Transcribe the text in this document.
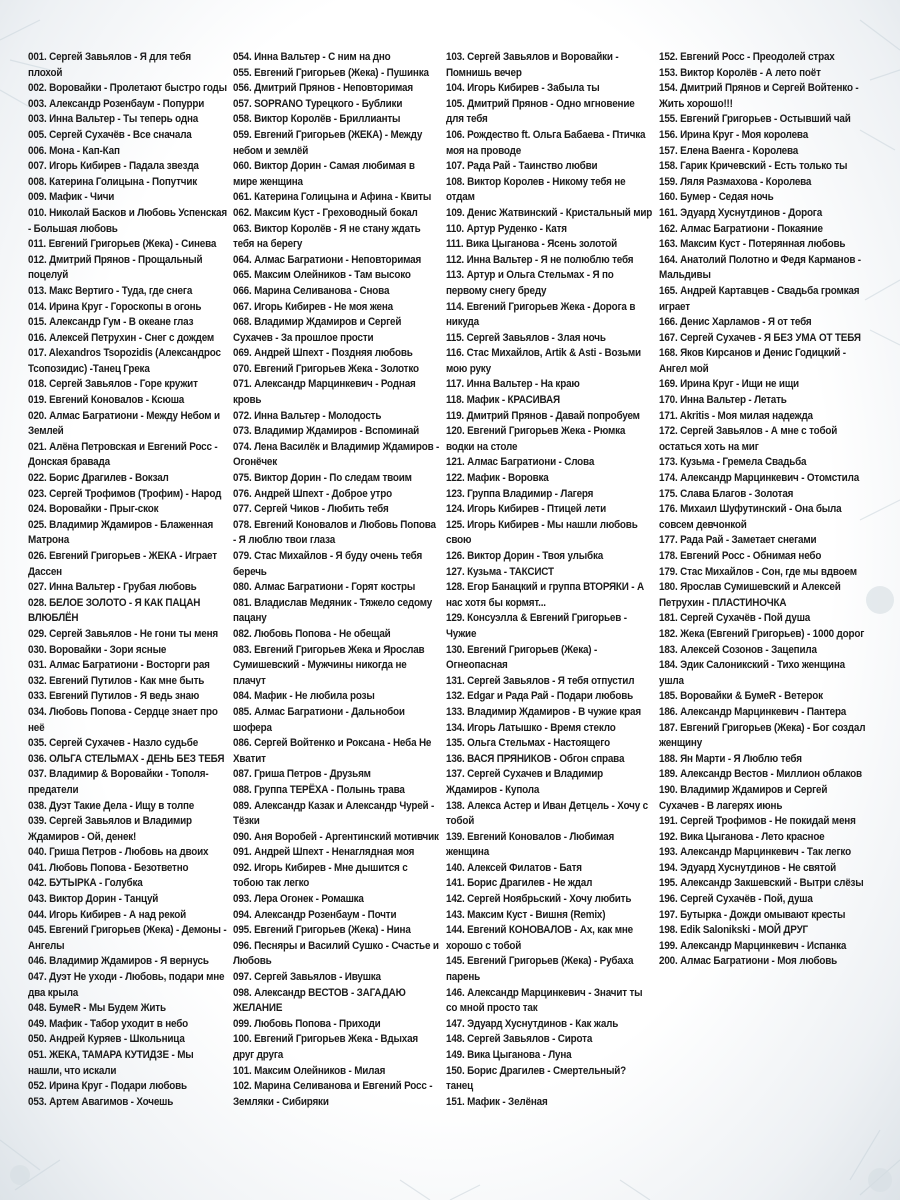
001. Сергей Завьялов - Я для тебя плохой
002. Воровайки - Пролетают быстро годы
003. Александр Розенбаум - Попурри
003. Инна Вальтер - Ты теперь одна
005. Сергей Сухачёв - Все сначала
006. Мона - Кап-Кап
007. Игорь Кибирев - Падала звезда
008. Катерина Голицына - Попутчик
009. Мафик - Чичи
010. Николай Басков и Любовь Успенская - Большая любовь
011. Евгений Григорьев (Жека) - Синева
012. Дмитрий Прянов - Прощальный поцелуй
013. Макс Вертиго - Туда, где снега
014. Ирина Круг - Гороскопы в огонь
015. Александр Гум - В океане глаз
016. Алексей Петрухин - Снег с дождем
017. Alexandros Tsopozidis (Александрос Тсопозидис) -Танец Грека
018. Сергей Завьялов - Горе кружит
019. Евгений Коновалов - Ксюша
020. Алмас Багратиони - Между Небом и Землей
021. Алёна Петровская и Евгений Росс - Донская бравада
022. Борис Драгилев - Вокзал
023. Сергей Трофимов (Трофим) - Народ
024. Воровайки - Прыг-скок
025. Владимир Ждамиров - Блаженная Матрона
026. Евгений Григорьев - ЖЕКА - Играет Дассен
027. Инна Вальтер - Грубая любовь
028. БЕЛОЕ ЗОЛОТО - Я КАК ПАЦАН ВЛЮБЛЁН
029. Сергей Завьялов - Не гони ты меня
030. Воровайки - Зори ясные
031. Алмас Багратиони - Восторги рая
032. Евгений Путилов - Как мне быть
033. Евгений Путилов - Я ведь знаю
034. Любовь Попова - Сердце знает про неё
035. Сергей Сухачев - Назло судьбе
036. ОЛЬГА СТЕЛЬМАХ - ДЕНЬ БЕЗ ТЕБЯ
037. Владимир & Воровайки - Тополя-предатели
038. Дуэт Такие Дела - Ищу в толпе
039. Сергей Завьялов и Владимир Ждамиров - Ой, денек!
040. Гриша Петров - Любовь на двоих
041. Любовь Попова - Безответно
042. БУТЫРКА - Голубка
043. Виктор Дорин - Танцуй
044. Игорь Кибирев - А над рекой
045. Евгений Григорьев (Жека) - Демоны - Ангелы
046. Владимир Ждамиров - Я вернусь
047. Дуэт Не уходи - Любовь, подари мне два крыла
048. БумеR - Мы Будем Жить
049. Мафик - Табор уходит в небо
050. Андрей Куряев - Школьница
051. ЖЕКА, ТАМАРА КУТИДЗЕ - Мы нашли, что искали
052. Ирина Круг - Подари любовь
053. Артем Авагимов - Хочешь
054. Инна Вальтер - С ним на дно
055. Евгений Григорьев (Жека) - Пушинка
056. Дмитрий Прянов - Неповторимая
057. SOPRANO Турецкого - Бублики
058. Виктор Королёв - Бриллианты
059. Евгений Григорьев (ЖЕКА) - Между небом и землёй
060. Виктор Дорин - Самая любимая в мире женщина
061. Катерина Голицына и Афина - Квиты
062. Максим Куст - Греховодный бокал
063. Виктор Королёв - Я не стану ждать тебя на берегу
064. Алмас Багратиони - Неповторимая
065. Максим Олейников - Там высоко
066. Марина Селиванова - Снова
067. Игорь Кибирев - Не моя жена
068. Владимир Ждамиров и Сергей Сухачев - За прошлое прости
069. Андрей Шпехт - Поздняя любовь
070. Евгений Григорьев Жека - Золотко
071. Александр Марцинкевич - Родная кровь
072. Инна Вальтер - Молодость
073. Владимир Ждамиров - Вспоминай
074. Лена Василёк и Владимир Ждамиров - Огонёчек
075. Виктор Дорин - По следам твоим
076. Андрей Шпехт - Доброе утро
077. Сергей Чиков - Любить тебя
078. Евгений Коновалов и Любовь Попова - Я люблю твои глаза
079. Стас Михайлов - Я буду очень тебя беречь
080. Алмас Багратиони - Горят костры
081. Владислав Медяник - Тяжело седому пацану
082. Любовь Попова - Не обещай
083. Евгений Григорьев Жека и Ярослав Сумишевский - Мужчины никогда не плачут
084. Мафик - Не любила розы
085. Алмас Багратиони - Дальнобои шофера
086. Сергей Войтенко и Роксана - Неба Не Хватит
087. Гриша Петров - Друзьям
088. Группа ТЕРЁХА - Полынь трава
089. Александр Казак и Александр Чурей - Тёзки
090. Аня Воробей - Аргентинский мотивчик
091. Андрей Шпехт - Ненаглядная моя
092. Игорь Кибирев - Мне дышится с тобою так легко
093. Лера Огонек - Ромашка
094. Александр Розенбаум - Почти
095. Евгений Григорьев (Жека) - Нина
096. Песняры и Василий Сушко - Счастье и Любовь
097. Сергей Завьялов - Ивушка
098. Александр ВЕСТОВ - ЗАГАДАЮ ЖЕЛАНИЕ
099. Любовь Попова - Приходи
100. Евгений Григорьев Жека - Вдыхая друг друга
101. Максим Олейников - Милая
102. Марина Селиванова и Евгений Росс - Земляки - Сибиряки
103. Сергей Завьялов и Воровайки - Помнишь вечер
104. Игорь Кибирев - Забыла ты
105. Дмитрий Прянов - Одно мгновение для тебя
106. Рождество ft. Ольга Бабаева - Птичка моя на проводе
107. Рада Рай - Таинство любви
108. Виктор Королев - Никому тебя не отдам
109. Денис Жатвинский - Кристальный мир
110. Артур Руденко - Катя
111. Вика Цыганова - Ясень золотой
112. Инна Вальтер - Я не полюблю тебя
113. Артур и Ольга Стельмах - Я по первому снегу бреду
114. Евгений Григорьев Жека - Дорога в никуда
115. Сергей Завьялов - Злая ночь
116. Стас Михайлов, Artik & Asti - Возьми мою руку
117. Инна Вальтер - На краю
118. Мафик - КРАСИВАЯ
119. Дмитрий Прянов - Давай попробуем
120. Евгений Григорьев Жека - Рюмка водки на столе
121. Алмас Багратиони - Слова
122. Мафик - Воровка
123. Группа Владимир - Лагеря
124. Игорь Кибирев - Птицей лети
125. Игорь Кибирев - Мы нашли любовь свою
126. Виктор Дорин - Твоя улыбка
127. Кузьма - ТАКСИСТ
128. Егор Банацкий и группа ВТОРЯКИ - А нас хотя бы кормят...
129. Консуэлла & Евгений Григорьев - Чужие
130. Евгений Григорьев (Жека) - Огнеопасная
131. Сергей Завьялов - Я тебя отпустил
132. Edgar и Рада Рай - Подари любовь
133. Владимир Ждамиров - В чужие края
134. Игорь Латышко - Время стекло
135. Ольга Стельмах - Настоящего
136. ВАСЯ ПРЯНИКОВ - Обгон справа
137. Сергей Сухачев и Владимир Ждамиров - Купола
138. Алекса Астер и Иван Детцель - Хочу с тобой
139. Евгений Коновалов - Любимая женщина
140. Алексей Филатов - Батя
141. Борис Драгилев - Не ждал
142. Сергей Ноябрьский - Хочу любить
143. Максим Куст - Вишня (Remix)
144. Евгений КОНОВАЛОВ - Ах, как мне хорошо с тобой
145. Евгений Григорьев (Жека) - Рубаха парень
146. Александр Марцинкевич - Значит ты со мной просто так
147. Эдуард Хуснутдинов - Как жаль
148. Сергей Завьялов - Сирота
149. Вика Цыганова - Луна
150. Борис Драгилев - Смертельный? танец
151. Мафик - Зелёная
152. Евгений Росс - Преодолей страх
153. Виктор Королёв - А лето поёт
154. Дмитрий Прянов и Сергей Войтенко - Жить хорошо!!!
155. Евгений Григорьев - Остывший чай
156. Ирина Круг - Моя королева
157. Елена Ваенга - Королева
158. Гарик Кричевский - Есть только ты
159. Ляля Размахова - Королева
160. Бумер - Седая ночь
161. Эдуард Хуснутдинов - Дорога
162. Алмас Багратиони - Покаяние
163. Максим Куст - Потерянная любовь
164. Анатолий Полотно и Федя Карманов - Мальдивы
165. Андрей Картавцев - Свадьба громкая играет
166. Денис Харламов - Я от тебя
167. Сергей Сухачев - Я БЕЗ УМА ОТ ТЕБЯ
168. Яков Кирсанов и Денис Годицкий - Ангел мой
169. Ирина Круг - Ищи не ищи
170. Инна Вальтер - Летать
171. Akritis - Моя милая надежда
172. Сергей Завьялов - А мне с тобой остаться хоть на миг
173. Кузьма - Гремела Свадьба
174. Александр Марцинкевич - Отомстила
175. Слава Благов - Золотая
176. Михаил Шуфутинский - Она была совсем девчонкой
177. Рада Рай - Заметает снегами
178. Евгений Росс - Обнимая небо
179. Стас Михайлов - Сон, где мы вдвоем
180. Ярослав Сумишевский и Алексей Петрухин - ПЛАСТИНОЧКА
181. Сергей Сухачёв - Пой душа
182. Жека (Евгений Григорьев) - 1000 дорог
183. Алексей Созонов - Зацепила
184. Эдик Салоникский - Тихо женщина ушла
185. Воровайки & БумеR - Ветерок
186. Александр Марцинкевич - Пантера
187. Евгений Григорьев (Жека) - Бог создал женщину
188. Ян Марти - Я Люблю тебя
189. Александр Вестов - Миллион облаков
190. Владимир Ждамиров и Сергей Сухачев - В лагерях июнь
191. Сергей Трофимов - Не покидай меня
192. Вика Цыганова - Лето красное
193. Александр Марцинкевич - Так легко
194. Эдуард Хуснутдинов - Не святой
195. Александр Закшевский - Вытри слёзы
196. Сергей Сухачёв - Пой, душа
197. Бутырка - Дожди омывают кресты
198. Edik Salonikski - МОЙ ДРУГ
199. Александр Марцинкевич - Испанка
200. Алмас Багратиони - Моя любовь
